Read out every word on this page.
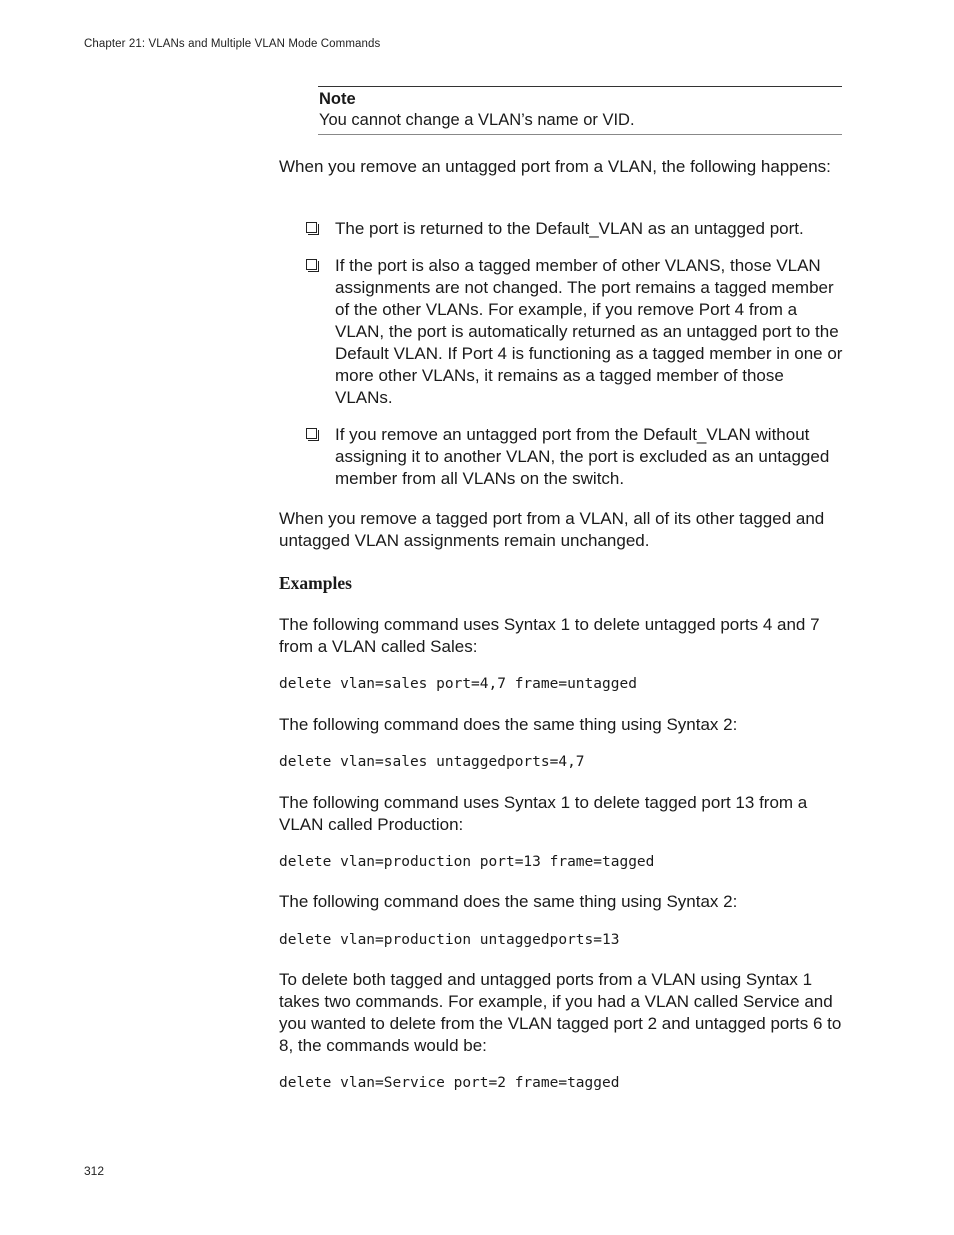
Chapter 21: VLANs and Multiple VLAN Mode Commands
Note
You cannot change a VLAN’s name or VID.
When you remove an untagged port from a VLAN, the following happens:
The port is returned to the Default_VLAN as an untagged port.
If the port is also a tagged member of other VLANS, those VLAN assignments are not changed. The port remains a tagged member of the other VLANs. For example, if you remove Port 4 from a VLAN, the port is automatically returned as an untagged port to the Default VLAN. If Port 4 is functioning as a tagged member in one or more other VLANs, it remains as a tagged member of those VLANs.
If you remove an untagged port from the Default_VLAN without assigning it to another VLAN, the port is excluded as an untagged member from all VLANs on the switch.
When you remove a tagged port from a VLAN, all of its other tagged and untagged VLAN assignments remain unchanged.
Examples
The following command uses Syntax 1 to delete untagged ports 4 and 7 from a VLAN called Sales:
delete vlan=sales port=4,7 frame=untagged
The following command does the same thing using Syntax 2:
delete vlan=sales untaggedports=4,7
The following command uses Syntax 1 to delete tagged port 13 from a VLAN called Production:
delete vlan=production port=13 frame=tagged
The following command does the same thing using Syntax 2:
delete vlan=production untaggedports=13
To delete both tagged and untagged ports from a VLAN using Syntax 1 takes two commands. For example, if you had a VLAN called Service and you wanted to delete from the VLAN tagged port 2 and untagged ports 6 to 8, the commands would be:
delete vlan=Service port=2 frame=tagged
312
